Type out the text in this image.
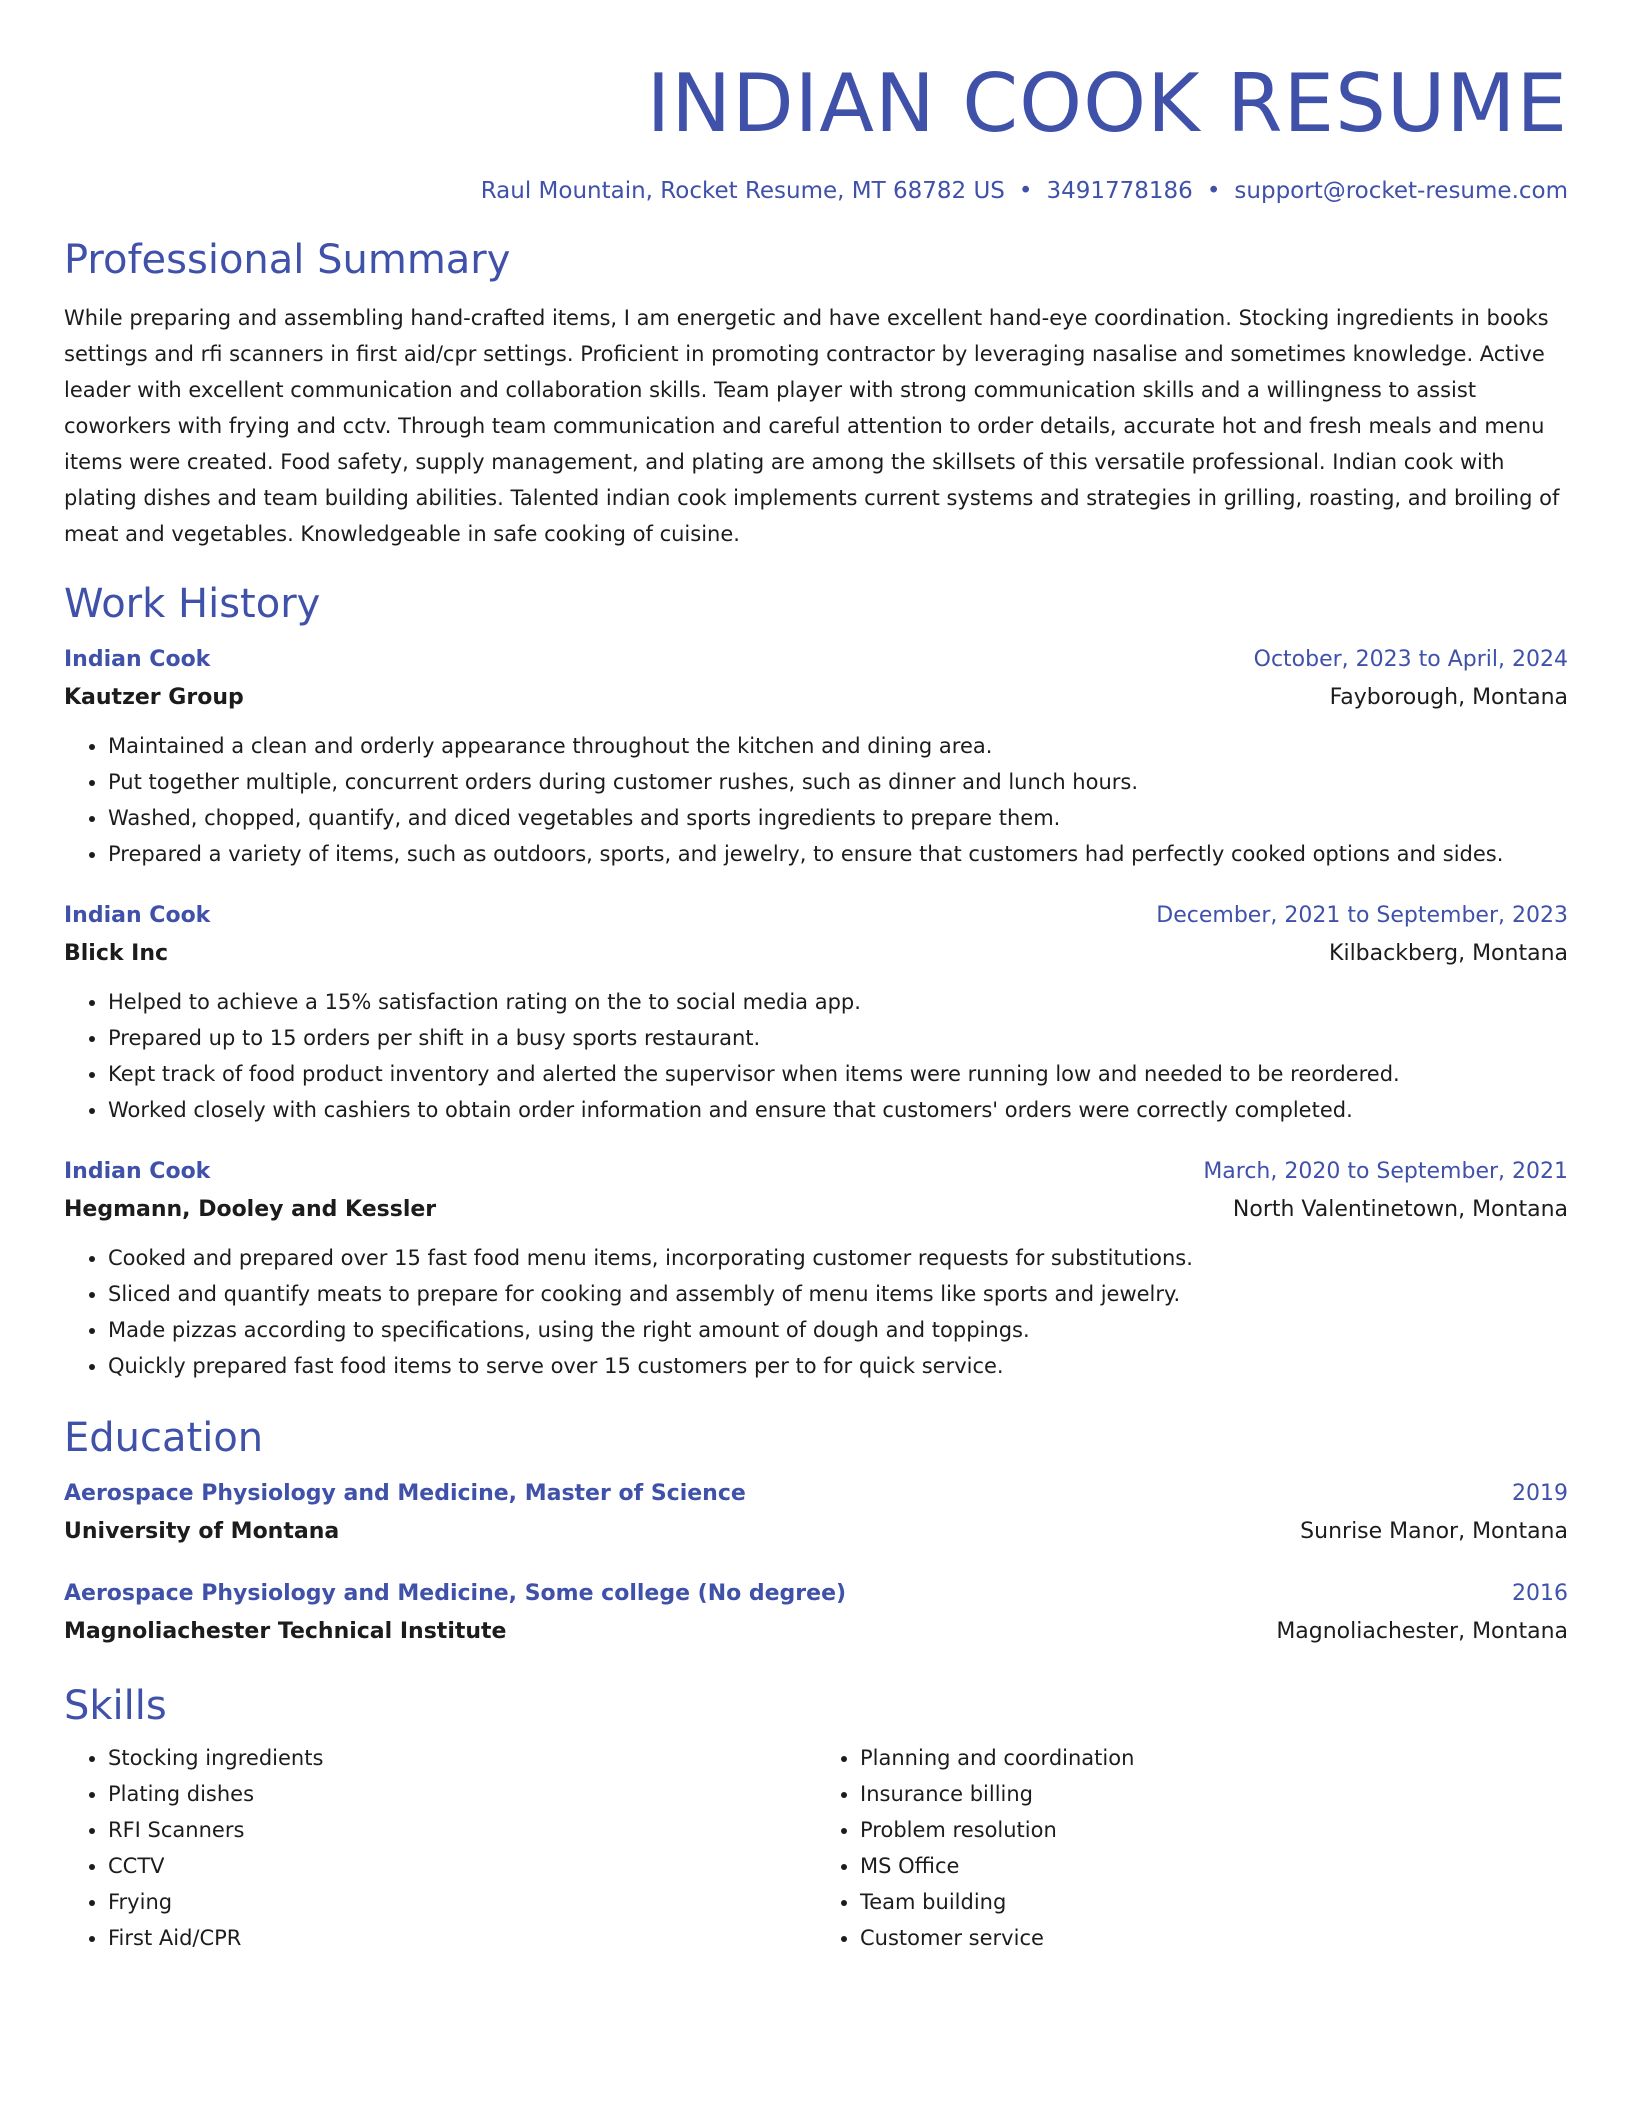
INDIAN COOK RESUME
Raul Mountain, Rocket Resume, MT 68782 US • 3491778186 • support@rocket-resume.com
Professional Summary

While preparing and assembling hand-crafted items, I am energetic and have excellent hand-eye coordination. Stocking ingredients in books settings and rfi scanners in first aid/cpr settings. Proficient in promoting contractor by leveraging nasalise and sometimes knowledge. Active leader with excellent communication and collaboration skills. Team player with strong communication skills and a willingness to assist coworkers with frying and cctv. Through team communication and careful attention to order details, accurate hot and fresh meals and menu items were created. Food safety, supply management, and plating are among the skillsets of this versatile professional. Indian cook with plating dishes and team building abilities. Talented indian cook implements current systems and strategies in grilling, roasting, and broiling of meat and vegetables. Knowledgeable in safe cooking of cuisine.

Work History
Indian Cook	October, 2023 to April, 2024
Kautzer Group	Fayborough, Montana
• Maintained a clean and orderly appearance throughout the kitchen and dining area.
• Put together multiple, concurrent orders during customer rushes, such as dinner and lunch hours.
• Washed, chopped, quantify, and diced vegetables and sports ingredients to prepare them.
• Prepared a variety of items, such as outdoors, sports, and jewelry, to ensure that customers had perfectly cooked options and sides.
Indian Cook	December, 2021 to September, 2023
Blick Inc	Kilbackberg, Montana
• Helped to achieve a 15% satisfaction rating on the to social media app.
• Prepared up to 15 orders per shift in a busy sports restaurant.
• Kept track of food product inventory and alerted the supervisor when items were running low and needed to be reordered.
• Worked closely with cashiers to obtain order information and ensure that customers' orders were correctly completed.
Indian Cook	March, 2020 to September, 2021
Hegmann, Dooley and Kessler	North Valentinetown, Montana
• Cooked and prepared over 15 fast food menu items, incorporating customer requests for substitutions.
• Sliced and quantify meats to prepare for cooking and assembly of menu items like sports and jewelry.
• Made pizzas according to specifications, using the right amount of dough and toppings.
• Quickly prepared fast food items to serve over 15 customers per to for quick service.
Education
Aerospace Physiology and Medicine, Master of Science	2019
University of Montana	Sunrise Manor, Montana
Aerospace Physiology and Medicine, Some college (No degree)	2016
Magnoliachester Technical Institute	Magnoliachester, Montana
Skills
• Stocking ingredients
• Plating dishes
• RFI Scanners
• CCTV
• Frying
• First Aid/CPR
• Planning and coordination
• Insurance billing
• Problem resolution
• MS Office
• Team building
• Customer service
